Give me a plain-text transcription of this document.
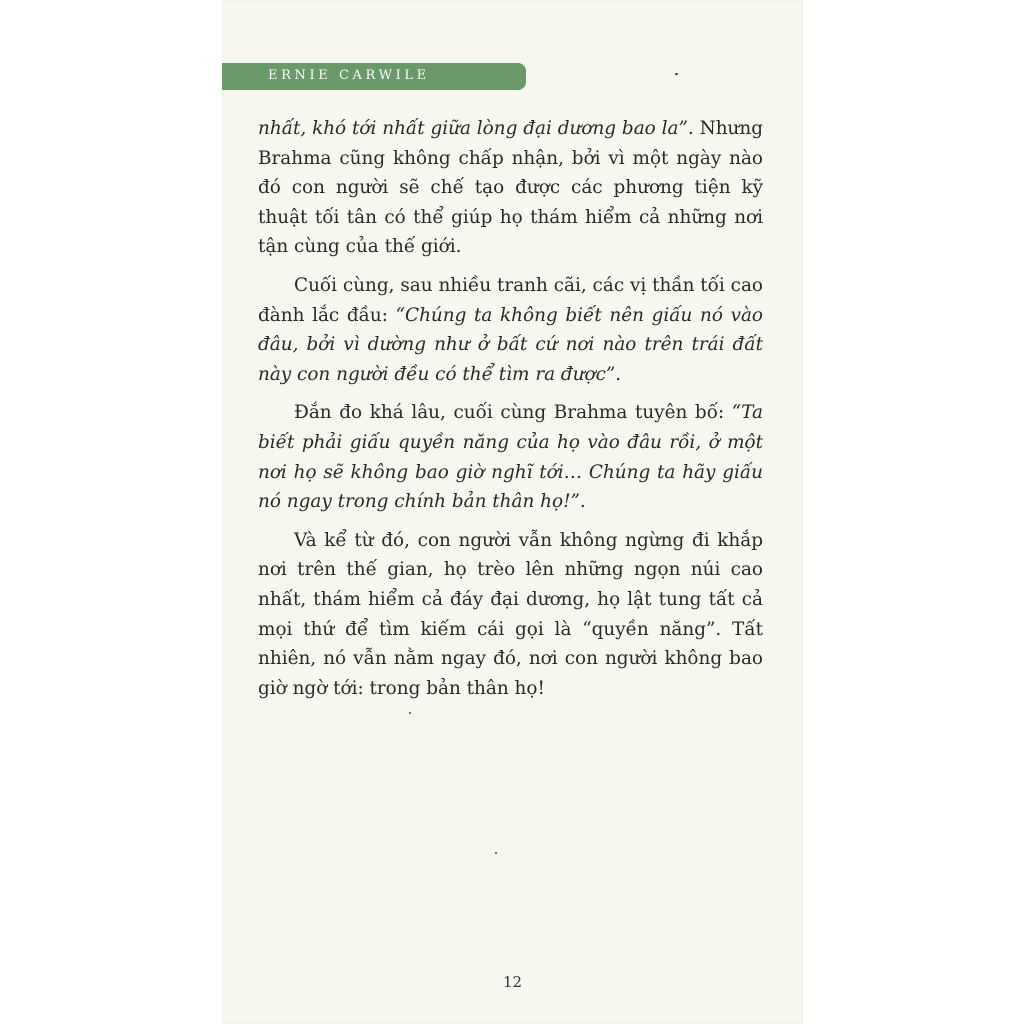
ERNIE CARWILE

nhất, khó tới nhất giữa lòng đại dương bao la”. Nhưng Brahma cũng không chấp nhận, bởi vì một ngày nào đó con người sẽ chế tạo được các phương tiện kỹ thuật tối tân có thể giúp họ thám hiểm cả những nơi tận cùng của thế giới.

Cuối cùng, sau nhiều tranh cãi, các vị thần tối cao đành lắc đầu: “Chúng ta không biết nên giấu nó vào đâu, bởi vì dường như ở bất cứ nơi nào trên trái đất này con người đều có thể tìm ra được”.

Đắn đo khá lâu, cuối cùng Brahma tuyên bố: “Ta biết phải giấu quyền năng của họ vào đâu rồi, ở một nơi họ sẽ không bao giờ nghĩ tới… Chúng ta hãy giấu nó ngay trong chính bản thân họ!”.

Và kể từ đó, con người vẫn không ngừng đi khắp nơi trên thế gian, họ trèo lên những ngọn núi cao nhất, thám hiểm cả đáy đại dương, họ lật tung tất cả mọi thứ để tìm kiếm cái gọi là “quyền năng”. Tất nhiên, nó vẫn nằm ngay đó, nơi con người không bao giờ ngờ tới: trong bản thân họ!

12
